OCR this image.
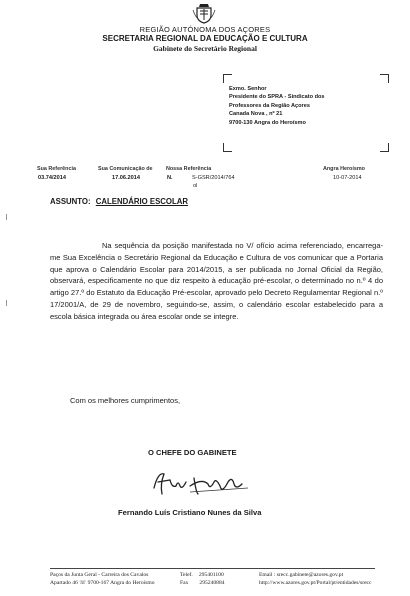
REGIÃO AUTÓNOMA DOS AÇORES
SECRETARIA REGIONAL DA EDUCAÇÃO E CULTURA
Gabinete do Secretário Regional
Exmo. Senhor
Presidente do SPRA - Sindicato dos
Professores da Região Açores
Canada Nova , nº 21
9700-130 Angra do Heroísmo
Sua Referência
03.74/2014
Sua Comunicação de
17.06.2014
Nossa Referência
N.	S-GSR/2014/764
ol
Angra Heroísmo
10-07-2014
ASSUNTO: CALENDÁRIO ESCOLAR
Na sequência da posição manifestada no V/ ofício acima referenciado, encarrega-me Sua Excelência o Secretário Regional da Educação e Cultura de vos comunicar que a Portaria que aprova o Calendário Escolar para 2014/2015, a ser publicada no Jornal Oficial da Região, observará, especificamente no que diz respeito à educação pré-escolar, o determinado no n.º 4 do artigo 27.º do Estatuto da Educação Pré-escolar, aprovado pelo Decreto Regulamentar Regional n.º 17/2001/A, de 29 de novembro, seguindo-se, assim, o calendário escolar estabelecido para a escola básica integrada ou área escolar onde se integre.
Com os melhores cumprimentos,
O CHEFE DO GABINETE
Fernando Luís Cristiano Nunes da Silva
Paços da Junta Geral - Carreira dos Cavalos
Apartado 46 ☏ 9700-167 Angra do Heroísmo
Telef. 295401100
Fax 295240884
Email : srecc.gabinete@azores.gov.pt
http://www.azores.gov.pt/Portal/pt/entidades/srecc
